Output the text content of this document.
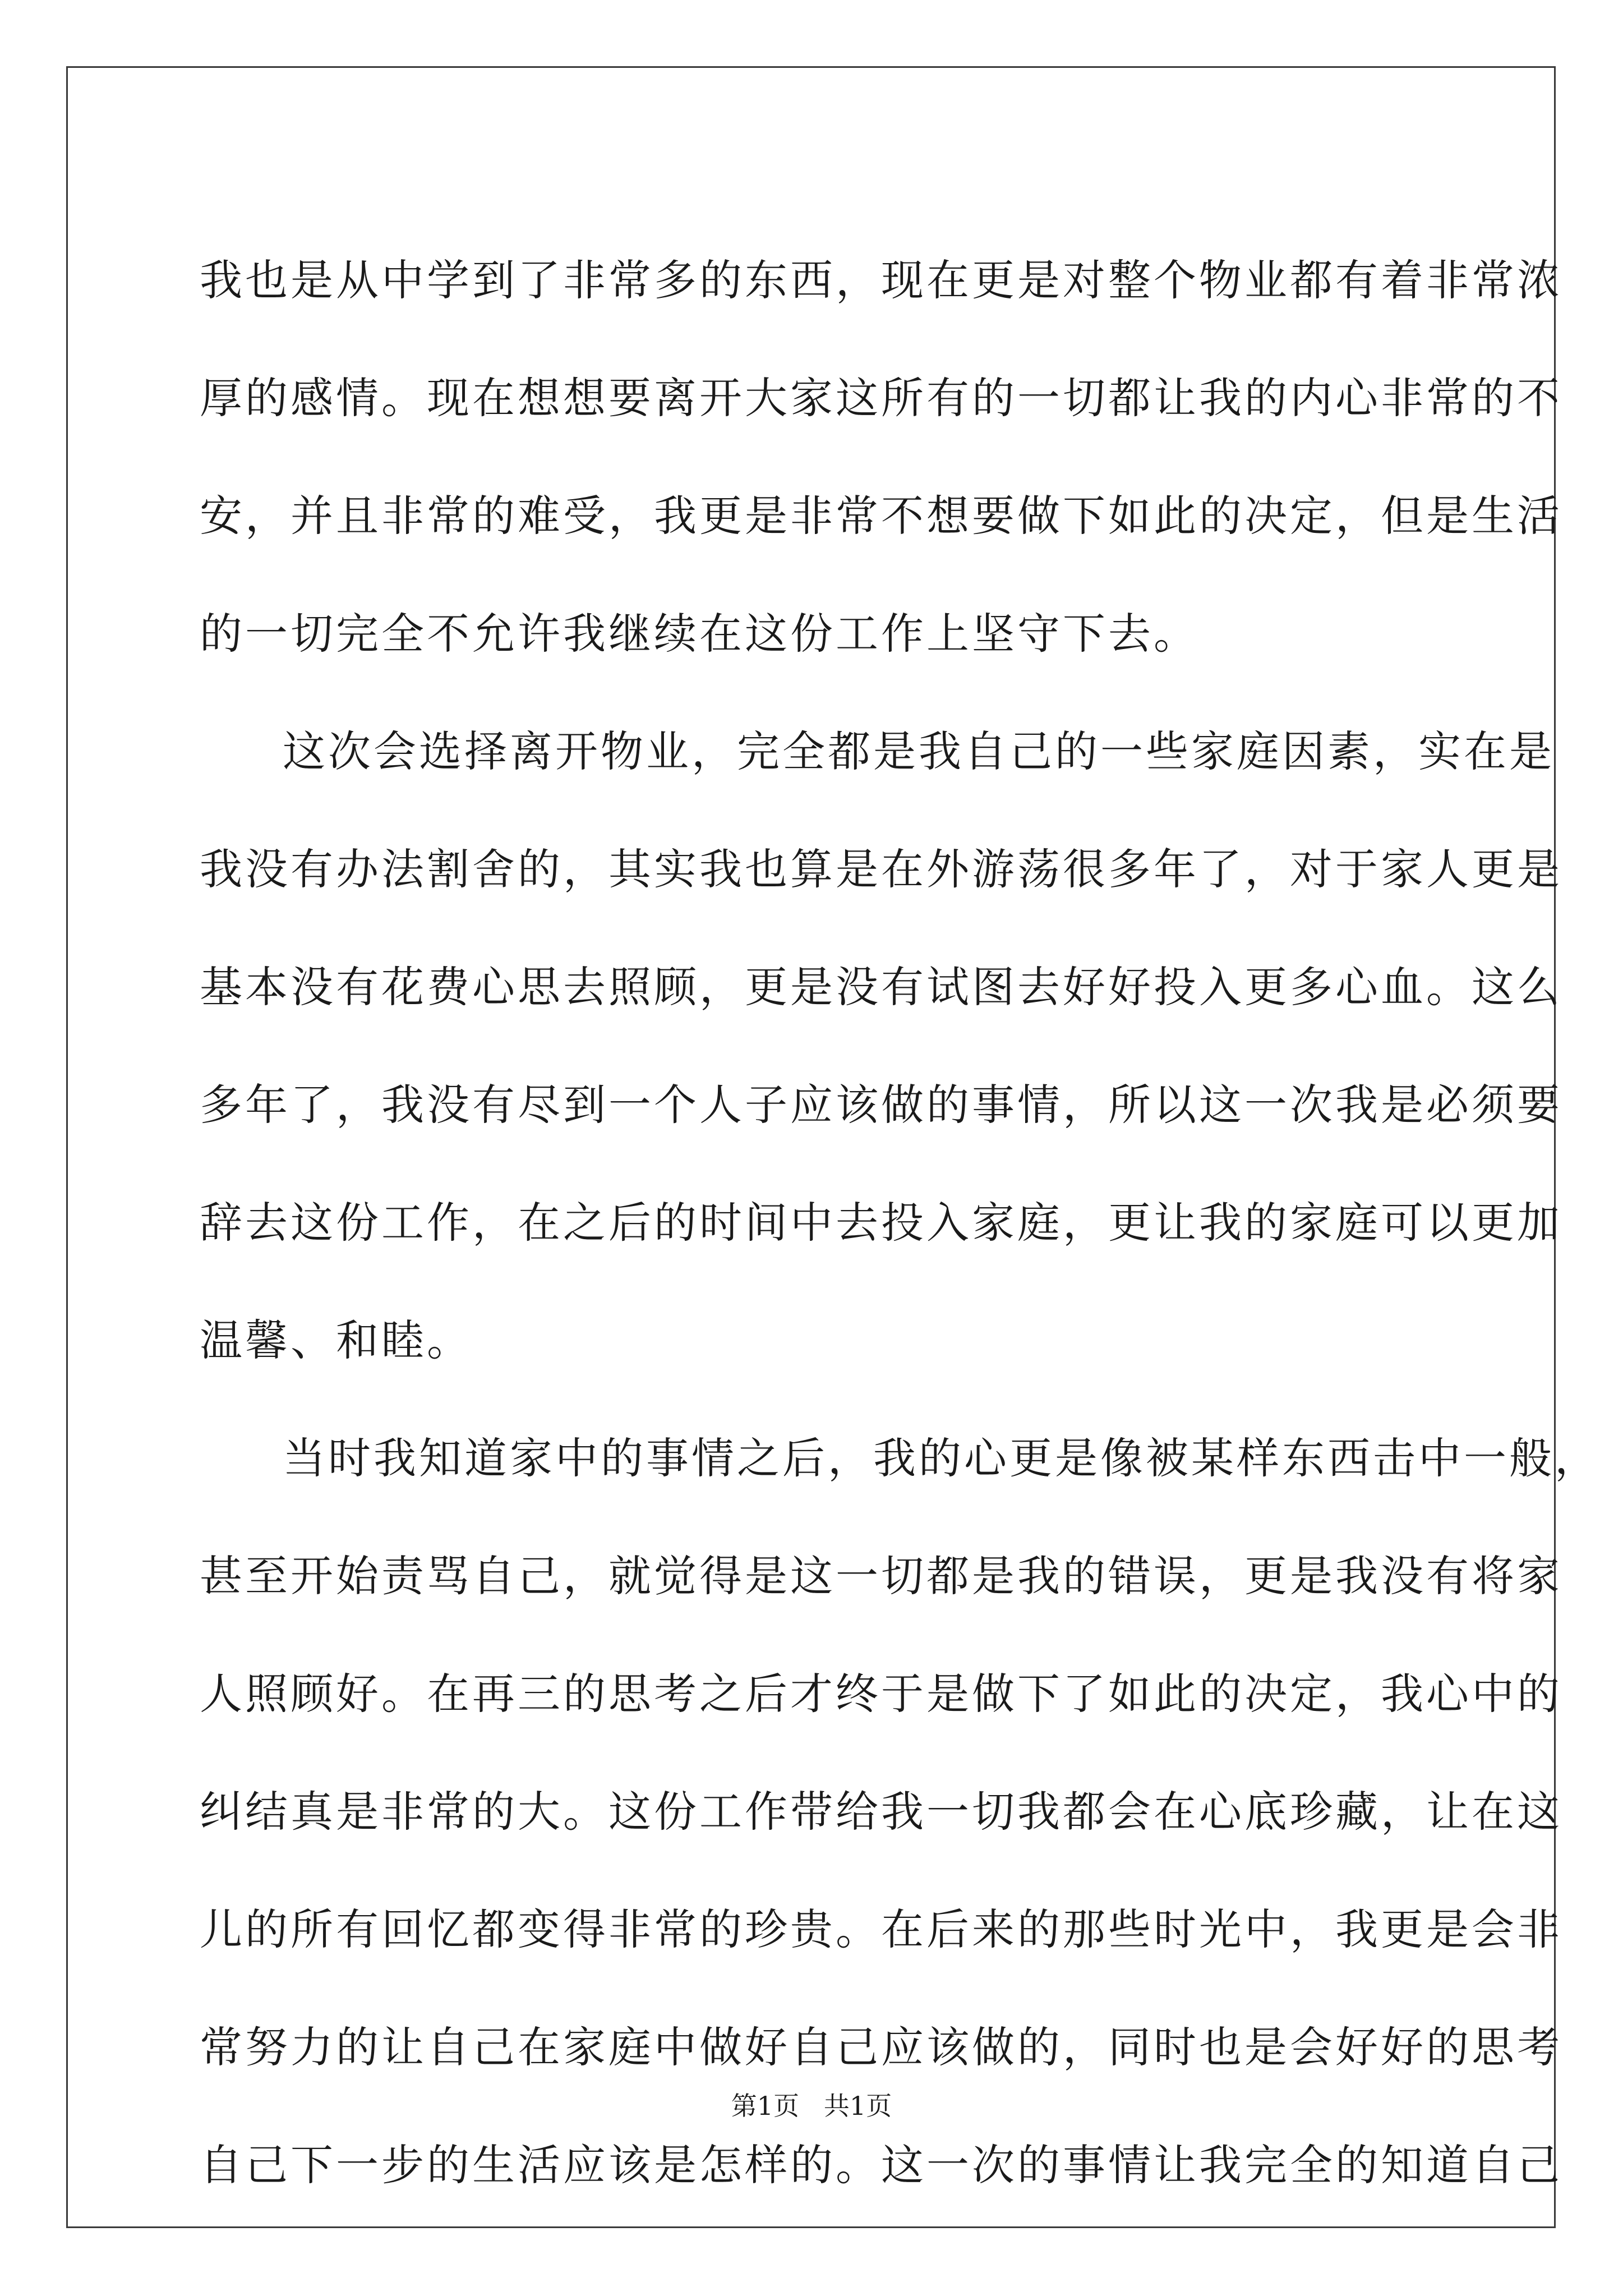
我也是从中学到了非常多的东西，现在更是对整个物业都有着非常浓
厚的感情。现在想想要离开大家这所有的一切都让我的内心非常的不
安，并且非常的难受，我更是非常不想要做下如此的决定，但是生活
的一切完全不允许我继续在这份工作上坚守下去。
这次会选择离开物业，完全都是我自己的一些家庭因素，实在是
我没有办法割舍的，其实我也算是在外游荡很多年了，对于家人更是
基本没有花费心思去照顾，更是没有试图去好好投入更多心血。这么
多年了，我没有尽到一个人子应该做的事情，所以这一次我是必须要
辞去这份工作，在之后的时间中去投入家庭，更让我的家庭可以更加
温馨、和睦。
当时我知道家中的事情之后，我的心更是像被某样东西击中一般，
甚至开始责骂自己，就觉得是这一切都是我的错误，更是我没有将家
人照顾好。在再三的思考之后才终于是做下了如此的决定，我心中的
纠结真是非常的大。这份工作带给我一切我都会在心底珍藏，让在这
儿的所有回忆都变得非常的珍贵。在后来的那些时光中，我更是会非
常努力的让自己在家庭中做好自己应该做的，同时也是会好好的思考
自己下一步的生活应该是怎样的。这一次的事情让我完全的知道自己
第1页   共1页
